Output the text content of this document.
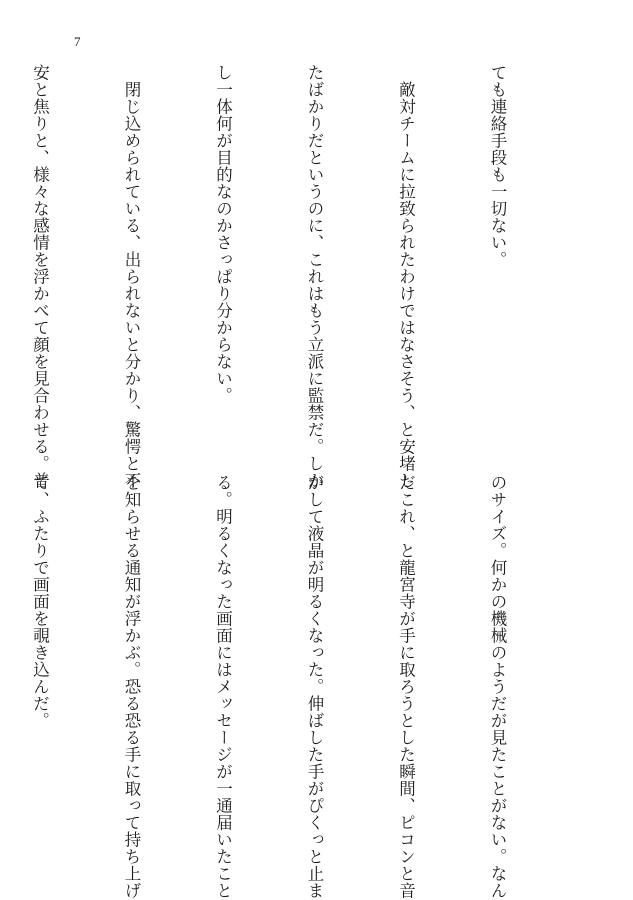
7

ても連絡手段も一切ない。

　敵対チームに拉致られたわけではなさそう、と安堵し

たばかりだというのに、これはもう立派に監禁だ。しか

し一体何が目的なのかさっぱり分からない。

　閉じ込められている、出られないと分かり、驚愕と不

安と焦りと、様々な感情を浮かべて顔を見合わせる。普

のサイズ。何かの機械のようだが見たことがない。なん

だこれ、と龍宮寺が手に取ろうとした瞬間、ピコンと音

がして液晶が明るくなった。伸ばした手がぴくっと止ま

る。明るくなった画面にはメッセージが一通届いたこと

を知らせる通知が浮かぶ。恐る恐る手に取って持ち上げ

て、ふたりで画面を覗き込んだ。
